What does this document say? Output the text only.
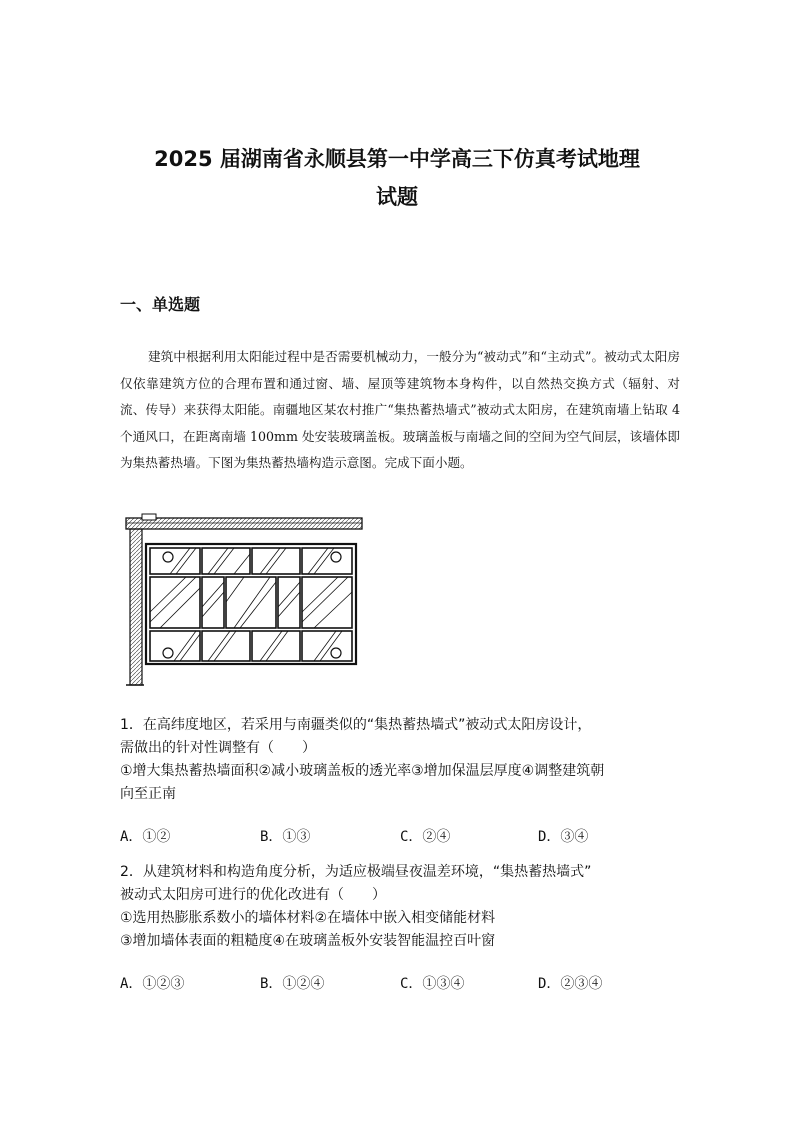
2025 届湖南省永顺县第一中学高三下仿真考试地理
试题
一、单选题

建筑中根据利用太阳能过程中是否需要机械动力，一般分为“被动式”和“主动式”。被动式太阳房仅依靠建筑方位的合理布置和通过窗、墙、屋顶等建筑物本身构件，以自然热交换方式（辐射、对流、传导）来获得太阳能。南疆地区某农村推广“集热蓄热墙式”被动式太阳房，在建筑南墙上钻取 4 个通风口，在距离南墙 100mm 处安装玻璃盖板。玻璃盖板与南墙之间的空间为空气间层，该墙体即为集热蓄热墙。下图为集热蓄热墙构造示意图。完成下面小题。

1．在高纬度地区，若采用与南疆类似的“集热蓄热墙式”被动式太阳房设计，
需做出的针对性调整有（　　）
①增大集热蓄热墙面积②减小玻璃盖板的透光率③增加保温层厚度④调整建筑朝
向至正南

A．①②	B．①③	C．②④	D．③④

2．从建筑材料和构造角度分析，为适应极端昼夜温差环境，“集热蓄热墙式”
被动式太阳房可进行的优化改进有（　　）
①选用热膨胀系数小的墙体材料②在墙体中嵌入相变储能材料
③增加墙体表面的粗糙度④在玻璃盖板外安装智能温控百叶窗

A．①②③	B．①②④	C．①③④	D．②③④
